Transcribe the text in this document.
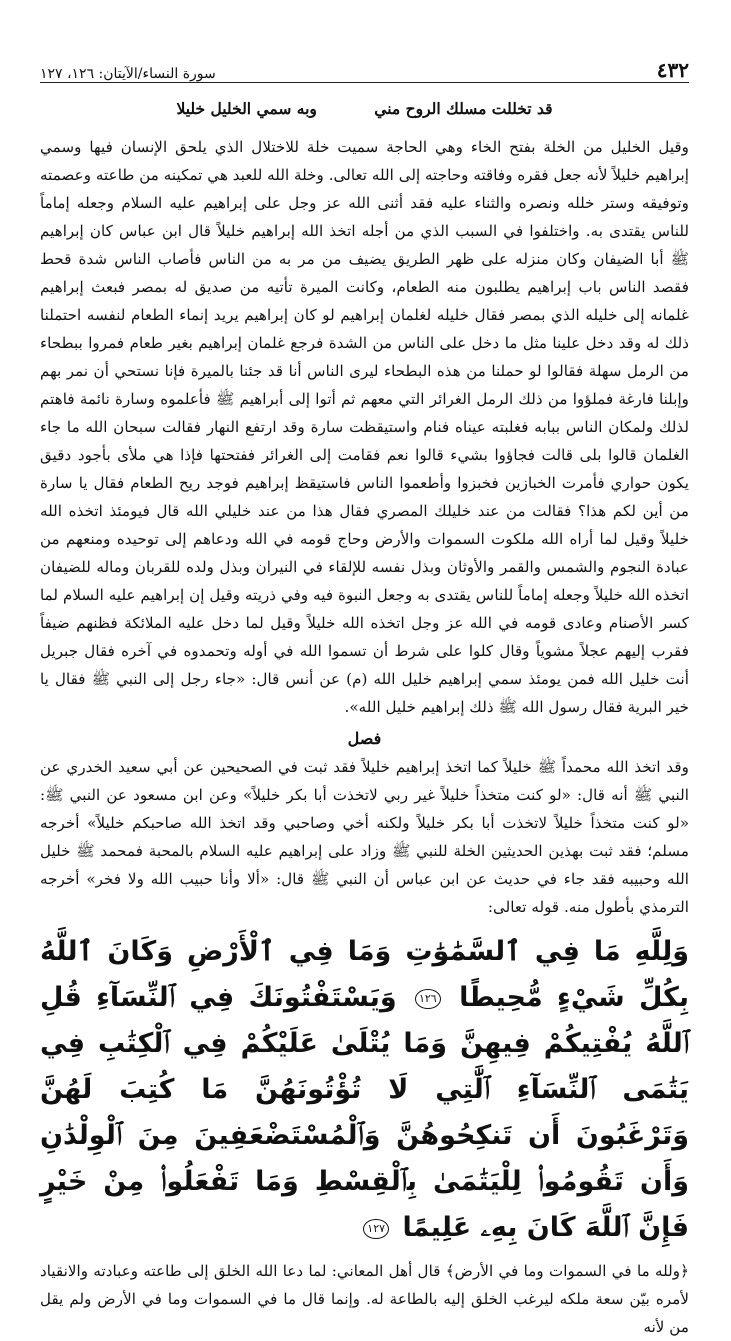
٤٣٢
سورة النساء/الآيتان: ١٢٦، ١٢٧
قد تخللت مسلك الروح مني وبه سمي الخليل خليلا

وقيل الخليل من الخلة بفتح الخاء وهي الحاجة سميت خلة للاختلال الذي يلحق الإنسان فيها وسمي إبراهيم خليلاً لأنه جعل فقره وفاقته وحاجته إلى الله تعالى. وخلة الله للعبد هي تمكينه من طاعته وعصمته وتوفيقه وستر خلله ونصره والثناء عليه فقد أثنى الله عز وجل على إبراهيم عليه السلام وجعله إماماً للناس يقتدى به. واختلفوا في السبب الذي من أجله اتخذ الله إبراهيم خليلاً قال ابن عباس كان إبراهيم ﷺ أبا الضيفان وكان منزله على ظهر الطريق يضيف من مر به من الناس فأصاب الناس شدة قحط فقصد الناس باب إبراهيم يطلبون منه الطعام، وكانت الميرة تأتيه من صديق له بمصر فبعث إبراهيم غلمانه إلى خليله الذي بمصر فقال خليله لغلمان إبراهيم لو كان إبراهيم يريد إنماء الطعام لنفسه احتملنا ذلك له وقد دخل علينا مثل ما دخل على الناس من الشدة فرجع غلمان إبراهيم بغير طعام فمروا ببطحاء من الرمل سهلة فقالوا لو حملنا من هذه البطحاء ليرى الناس أنا قد جئنا بالميرة فإنا نستحي أن نمر بهم وإبلنا فارغة فملؤوا من ذلك الرمل الغرائر التي معهم ثم أتوا إلى أبراهيم ﷺ فأعلموه وسارة نائمة فاهتم لذلك ولمكان الناس ببابه فغلبته عيناه فنام واستيقظت سارة وقد ارتفع النهار فقالت سبحان الله ما جاء الغلمان قالوا بلى قالت فجاؤوا بشيء قالوا نعم فقامت إلى الغرائر ففتحتها فإذا هي ملأى بأجود دقيق يكون حواري فأمرت الخبازين فخبزوا وأطعموا الناس فاستيقظ إبراهيم فوجد ريح الطعام فقال يا سارة من أين لكم هذا؟ فقالت من عند خليلك المصري فقال هذا من عند خليلي الله قال فيومئذ اتخذه الله خليلاً وقيل لما أراه الله ملكوت السموات والأرض وحاج قومه في الله ودعاهم إلى توحيده ومنعهم من عبادة النجوم والشمس والقمر والأوثان وبذل نفسه للإلقاء في النيران وبذل ولده للقربان وماله للضيفان اتخذه الله خليلاً وجعله إماماً للناس يقتدى به وجعل النبوة فيه وفي ذريته وقيل إن إبراهيم عليه السلام لما كسر الأصنام وعادى قومه في الله عز وجل اتخذه الله خليلاً وقيل لما دخل عليه الملائكة فظنهم ضيفاً فقرب إليهم عجلاً مشوياً وقال كلوا على شرط أن تسموا الله في أوله وتحمدوه في آخره فقال جبريل أنت خليل الله فمن يومئذ سمي إبراهيم خليل الله (م) عن أنس قال: «جاء رجل إلى النبي ﷺ فقال يا خير البرية فقال رسول الله ﷺ ذلك إبراهيم خليل الله».

فصل

وقد اتخذ الله محمداً ﷺ خليلاً كما اتخذ إبراهيم خليلاً فقد ثبت في الصحيحين عن أبي سعيد الخدري عن النبي ﷺ أنه قال: «لو كنت متخذاً خليلاً غير ربي لاتخذت أبا بكر خليلاً» وعن ابن مسعود عن النبي ﷺ: «لو كنت متخذاً خليلاً لاتخذت أبا بكر خليلاً ولكنه أخي وصاحبي وقد اتخذ الله صاحبكم خليلاً» أخرجه مسلم؛ فقد ثبت بهذين الحديثين الخلة للنبي ﷺ وزاد على إبراهيم عليه السلام بالمحبة فمحمد ﷺ خليل الله وحبيبه فقد جاء في حديث عن ابن عباس أن النبي ﷺ قال: «ألا وأنا حبيب الله ولا فخر» أخرجه الترمذي بأطول منه. قوله تعالى:

وَلِلَّهِ مَا فِي ٱلسَّمَٰوَٰتِ وَمَا فِي ٱلْأَرْضِ وَكَانَ ٱللَّهُ بِكُلِّ شَيْءٍ مُّحِيطًا ١٢٦ وَيَسْتَفْتُونَكَ فِي ٱلنِّسَآءِ قُلِ ٱللَّهُ يُفْتِيكُمْ فِيهِنَّ وَمَا يُتْلَىٰ عَلَيْكُمْ فِي ٱلْكِتَٰبِ فِي يَتَٰمَى ٱلنِّسَآءِ ٱلَّٰتِي لَا تُؤْتُونَهُنَّ مَا كُتِبَ لَهُنَّ وَتَرْغَبُونَ أَن تَنكِحُوهُنَّ وَٱلْمُسْتَضْعَفِينَ مِنَ ٱلْوِلْدَٰنِ وَأَن تَقُومُوا۟ لِلْيَتَٰمَىٰ بِٱلْقِسْطِ وَمَا تَفْعَلُوا۟ مِنْ خَيْرٍ فَإِنَّ ٱللَّهَ كَانَ بِهِۦ عَلِيمًا ١٢٧

﴿ولله ما في السموات وما في الأرض﴾ قال أهل المعاني: لما دعا الله الخلق إلى طاعته وعبادته والانقياد لأمره بيّن سعة ملكه ليرغب الخلق إليه بالطاعة له. وإنما قال ما في السموات وما في الأرض ولم يقل من لأنه
